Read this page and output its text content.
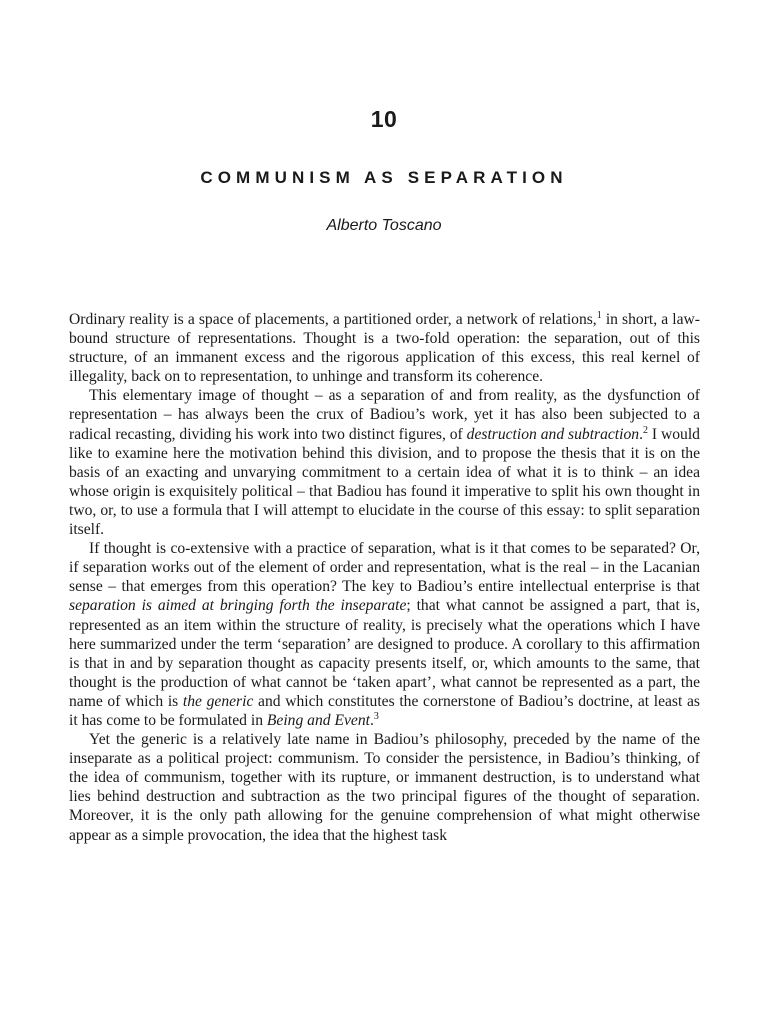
10
COMMUNISM AS SEPARATION

Alberto Toscano

Ordinary reality is a space of placements, a partitioned order, a network of relations,$^1$ in short, a law-bound structure of representations. Thought is a two-fold operation: the separation, out of this structure, of an immanent excess and the rigorous application of this excess, this real kernel of illegality, back on to representation, to unhinge and transform its coherence.

This elementary image of thought – as a separation of and from reality, as the dysfunction of representation – has always been the crux of Badiou’s work, yet it has also been subjected to a radical recasting, dividing his work into two distinct figures, of destruction and subtraction.$^2$ I would like to examine here the motivation behind this division, and to propose the thesis that it is on the basis of an exacting and unvarying commitment to a certain idea of what it is to think – an idea whose origin is exquisitely political – that Badiou has found it imperative to split his own thought in two, or, to use a formula that I will attempt to elucidate in the course of this essay: to split separation itself.

If thought is co-extensive with a practice of separation, what is it that comes to be separated? Or, if separation works out of the element of order and representation, what is the real – in the Lacanian sense – that emerges from this operation? The key to Badiou’s entire intellectual enterprise is that separation is aimed at bringing forth the inseparate; that what cannot be assigned a part, that is, represented as an item within the structure of reality, is precisely what the operations which I have here summarized under the term ‘separation’ are designed to produce. A corollary to this affirmation is that in and by separation thought as capacity presents itself, or, which amounts to the same, that thought is the production of what cannot be ‘taken apart’, what cannot be represented as a part, the name of which is the generic and which constitutes the cornerstone of Badiou’s doctrine, at least as it has come to be formulated in Being and Event.$^3$

Yet the generic is a relatively late name in Badiou’s philosophy, preceded by the name of the inseparate as a political project: communism. To consider the persistence, in Badiou’s thinking, of the idea of communism, together with its rupture, or immanent destruction, is to understand what lies behind destruction and subtraction as the two principal figures of the thought of separation. Moreover, it is the only path allowing for the genuine comprehension of what might otherwise appear as a simple provocation, the idea that the highest task
